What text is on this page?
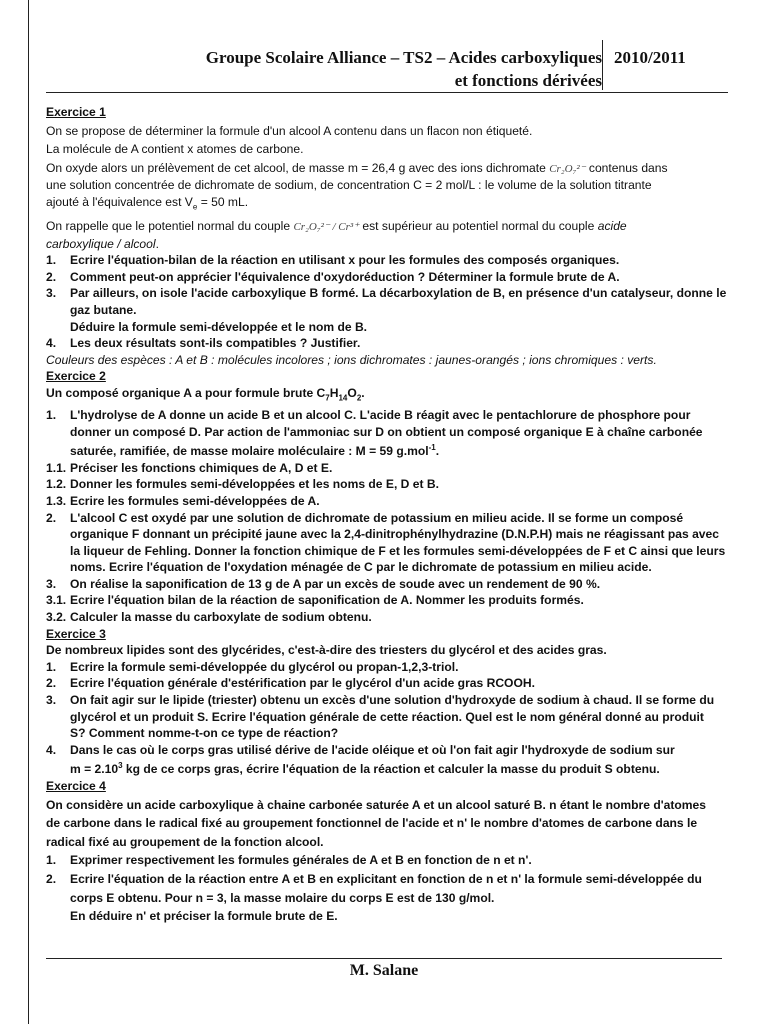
Groupe Scolaire Alliance – TS2 – Acides carboxyliques
et fonctions dérivées
2010/2011

Exercice 1

On se propose de déterminer la formule d'un alcool A contenu dans un flacon non étiqueté.

La molécule de A contient x atomes de carbone.

On oxyde alors un prélèvement de cet alcool, de masse m = 26,4 g avec des ions dichromate Cr₂O₇²⁻ contenus dans

une solution concentrée de dichromate de sodium, de concentration C = 2 mol/L : le volume de la solution titrante

ajouté à l'équivalence est $V_e = 50$ mL.

On rappelle que le potentiel normal du couple Cr₂O₇²⁻ / Cr³⁺ est supérieur au potentiel normal du couple acide

carboxylique / alcool.

1. Ecrire l'équation-bilan de la réaction en utilisant x pour les formules des composés organiques.
2. Comment peut-on apprécier l'équivalence d'oxydoréduction ? Déterminer la formule brute de A.
3. Par ailleurs, on isole l'acide carboxylique B formé. La décarboxylation de B, en présence d'un catalyseur, donne le
gaz butane.
Déduire la formule semi-développée et le nom de B.
4. Les deux résultats sont-ils compatibles ? Justifier.

Couleurs des espèces : A et B : molécules incolores ; ions dichromates : jaunes-orangés ; ions chromiques : verts.

Exercice 2

Un composé organique A a pour formule brute $C_7H_{14}O_2$.

1. L'hydrolyse de A donne un acide B et un alcool C. L'acide B réagit avec le pentachlorure de phosphore pour
donner un composé D. Par action de l'ammoniac sur D on obtient un composé organique E à chaîne carbonée
saturée, ramifiée, de masse molaire moléculaire : M = 59 g.mol$^{-1}$.
1.1. Préciser les fonctions chimiques de A, D et E.
1.2. Donner les formules semi-développées et les noms de E, D et B.
1.3. Ecrire les formules semi-développées de A.
2. L'alcool C est oxydé par une solution de dichromate de potassium en milieu acide. Il se forme un composé
organique F donnant un précipité jaune avec la 2,4-dinitrophénylhydrazine (D.N.P.H) mais ne réagissant pas avec
la liqueur de Fehling. Donner la fonction chimique de F et les formules semi-développées de F et C ainsi que leurs
noms. Ecrire l'équation de l'oxydation ménagée de C par le dichromate de potassium en milieu acide.
3. On réalise la saponification de 13 g de A par un excès de soude avec un rendement de 90 %.
3.1. Ecrire l'équation bilan de la réaction de saponification de A. Nommer les produits formés.
3.2. Calculer la masse du carboxylate de sodium obtenu.

Exercice 3

De nombreux lipides sont des glycérides, c'est-à-dire des triesters du glycérol et des acides gras.

1. Ecrire la formule semi-développée du glycérol ou propan-1,2,3-triol.
2. Ecrire l'équation générale d'estérification par le glycérol d'un acide gras RCOOH.
3. On fait agir sur le lipide (triester) obtenu un excès d'une solution d'hydroxyde de sodium à chaud. Il se forme du
glycérol et un produit S. Ecrire l'équation générale de cette réaction. Quel est le nom général donné au produit
S? Comment nomme-t-on ce type de réaction?
4. Dans le cas où le corps gras utilisé dérive de l'acide oléique et où l'on fait agir l'hydroxyde de sodium sur
$m = 2.10^3$ kg de ce corps gras, écrire l'équation de la réaction et calculer la masse du produit S obtenu.

Exercice 4

On considère un acide carboxylique à chaine carbonée saturée A et un alcool saturé B. n étant le nombre d'atomes

de carbone dans le radical fixé au groupement fonctionnel de l'acide et n' le nombre d'atomes de carbone dans le

radical fixé au groupement de la fonction alcool.

1. Exprimer respectivement les formules générales de A et B en fonction de n et n'.
2. Ecrire l'équation de la réaction entre A et B en explicitant en fonction de n et n' la formule semi-développée du
corps E obtenu. Pour n = 3, la masse molaire du corps E est de 130 g/mol.
En déduire n' et préciser la formule brute de E.
M. Salane
